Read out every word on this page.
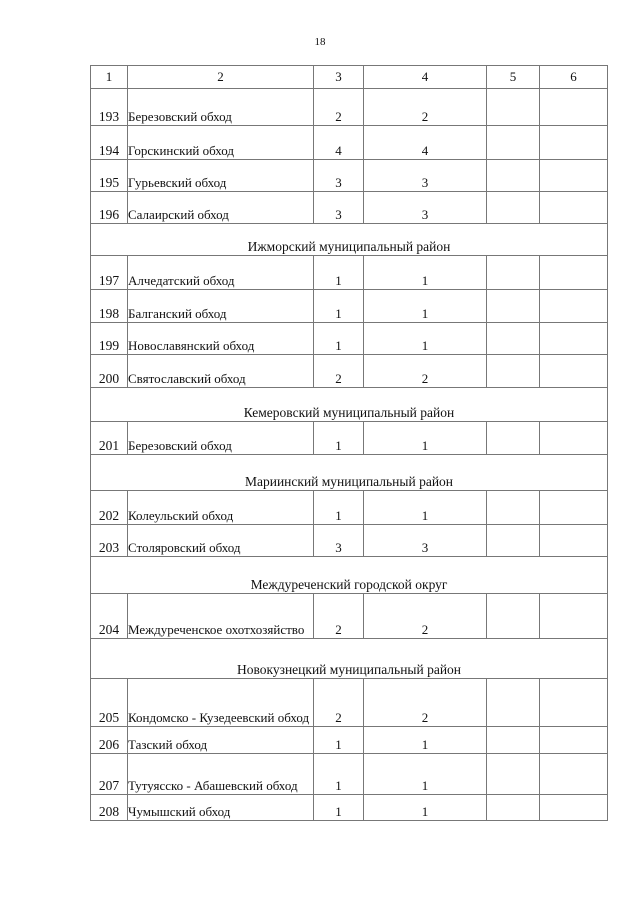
18
1	2	3	4	5	6
193	Березовский обход	2	2		
194	Горскинский обход	4	4		
195	Гурьевский обход	3	3		
196	Салаирский обход	3	3		
Ижморский муниципальный район					
197	Алчедатский обход	1	1		
198	Балганский обход	1	1		
199	Новославянский обход	1	1		
200	Святославский обход	2	2		
Кемеровский муниципальный район					
201	Березовский обход	1	1		
Мариинский муниципальный район					
202	Колеульский обход	1	1		
203	Столяровский обход	3	3		
Междуреченский городской округ					
204	Междуреченское охотхозяйство	2	2		
Новокузнецкий муниципальный район					
205	Кондомско - Кузедеевский обход	2	2		
206	Тазский обход	1	1		
207	Тутуясско - Абашевский обход	1	1		
208	Чумышский обход	1	1		
